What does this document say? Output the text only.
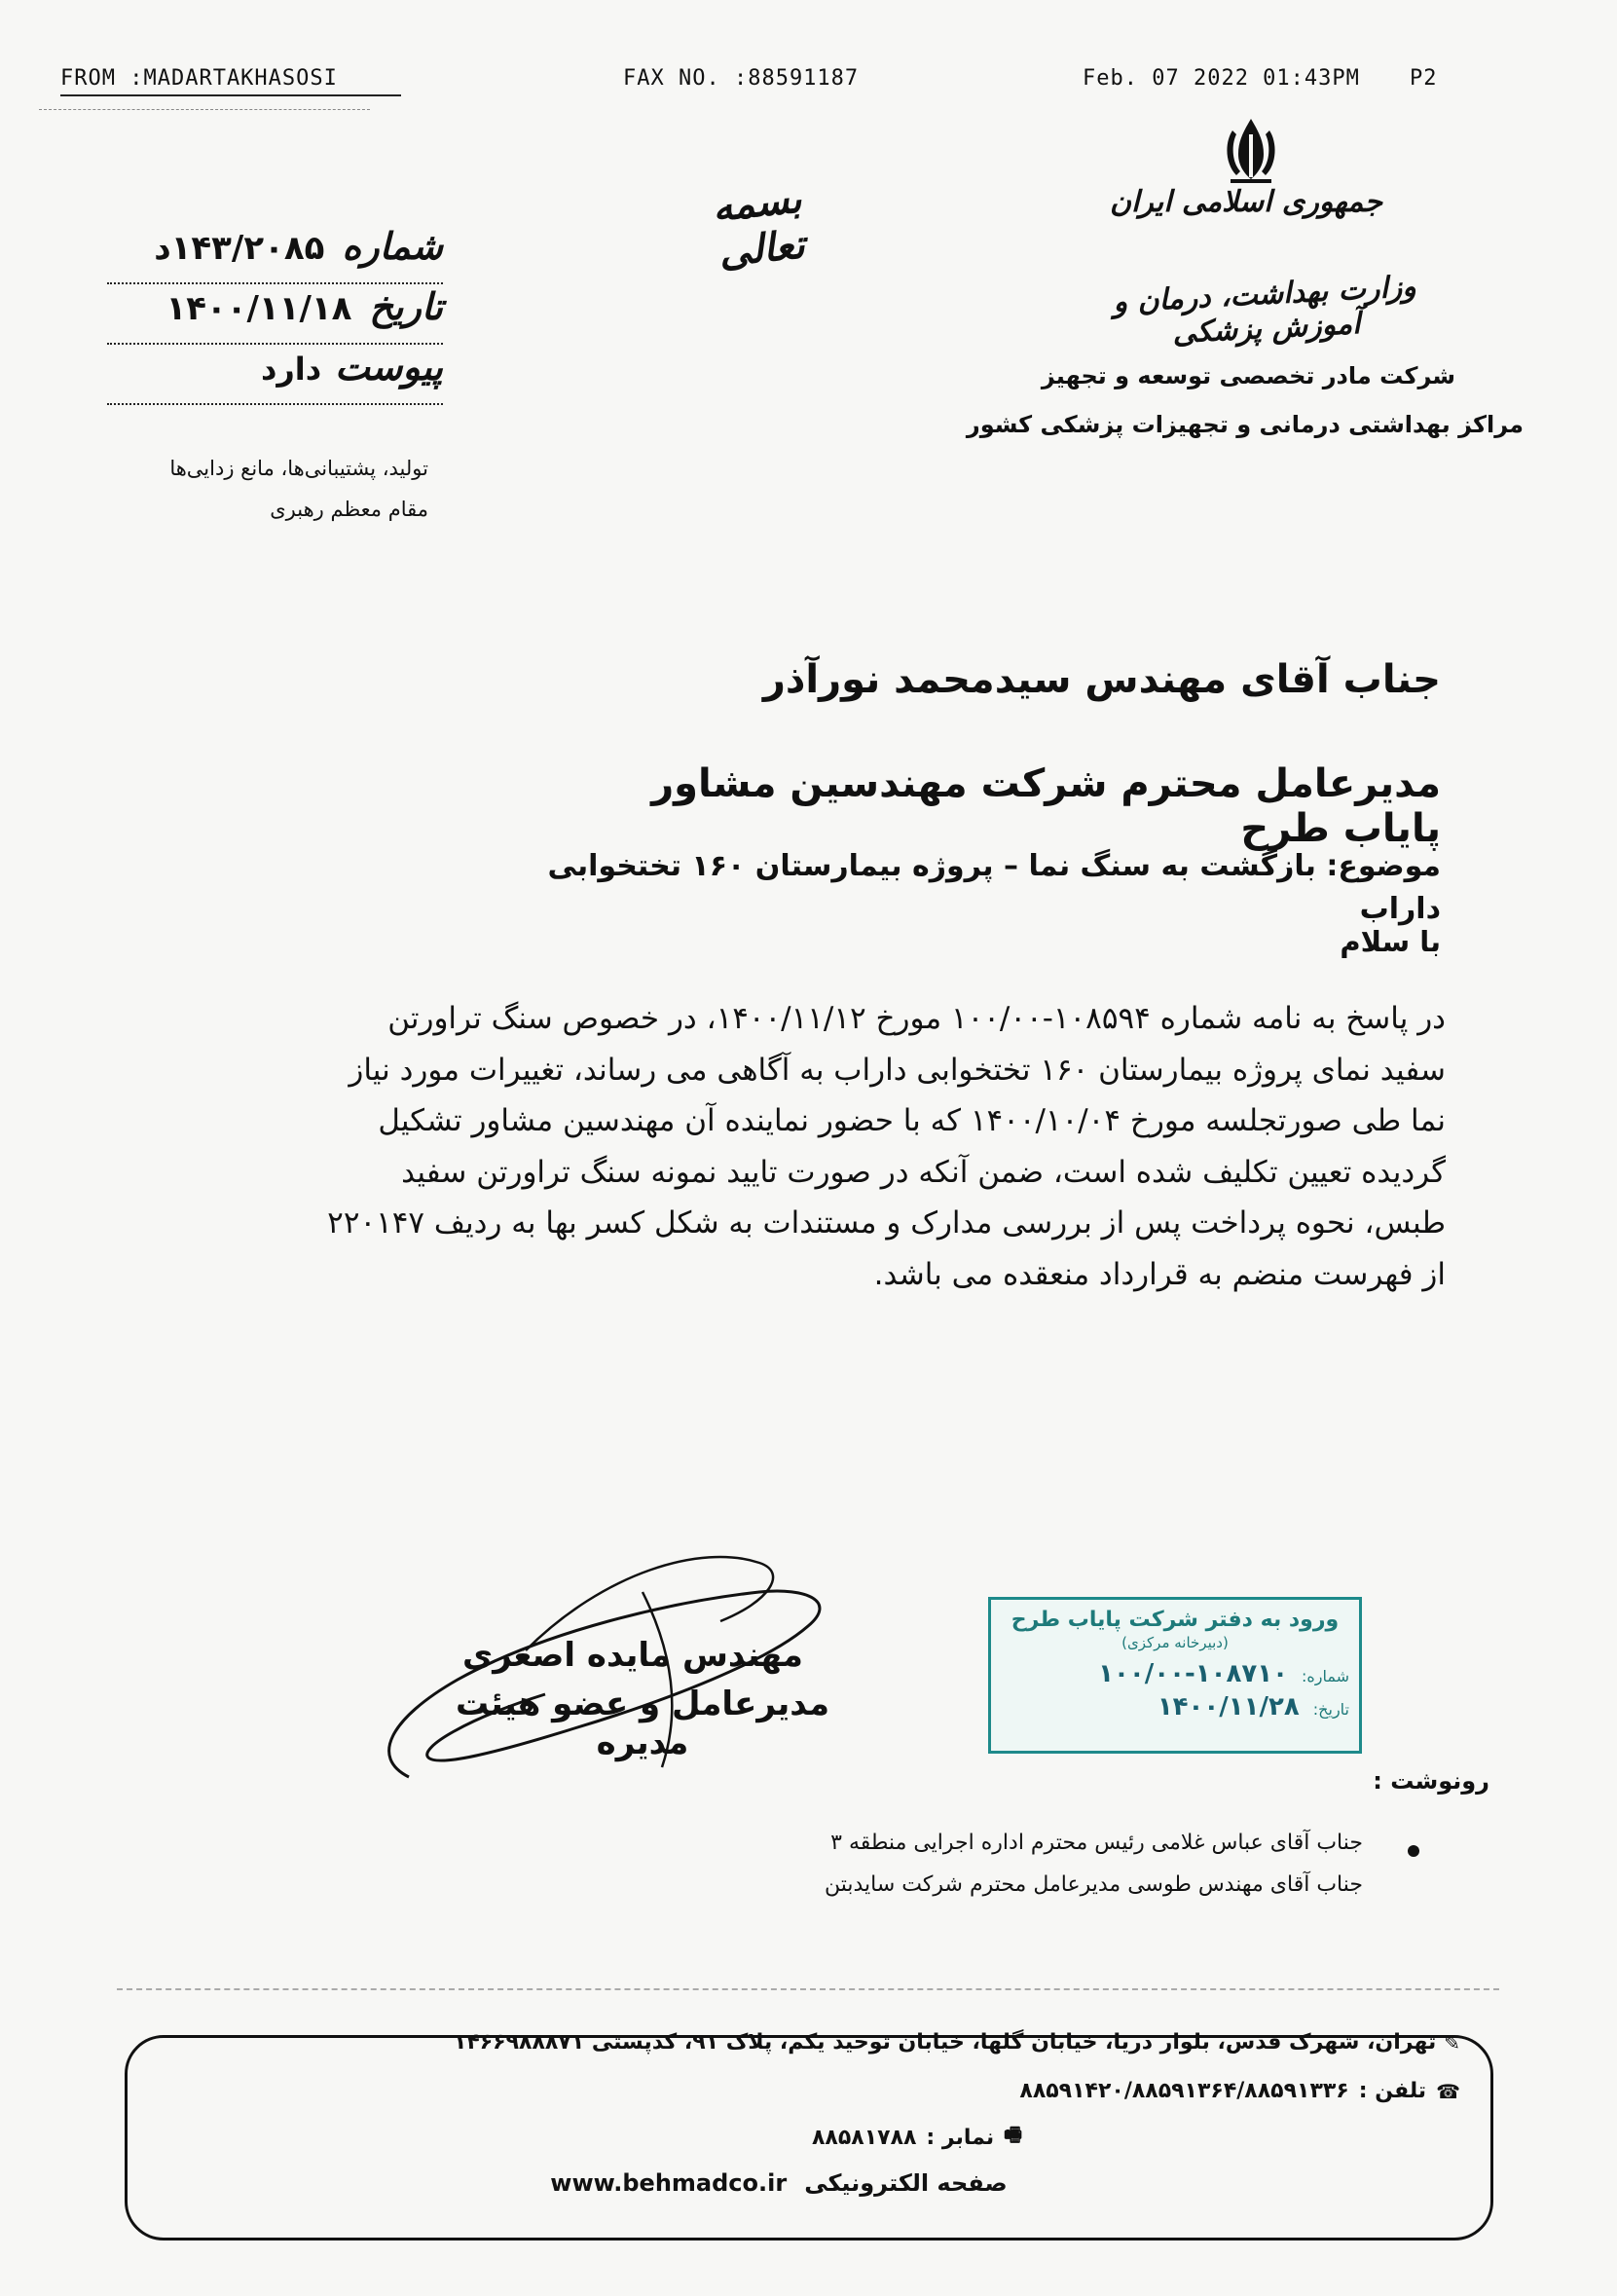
FROM :MADARTAKHASOSI	FAX NO. :88591187	Feb. 07 2022 01:43PM P2
بسمه تعالی
شماره
۱۴۳/۲۰۸۵د
تاریخ
۱۴۰۰/۱۱/۱۸
پیوست
دارد
تولید، پشتیبانی‌ها، مانع زدایی‌ها
مقام معظم رهبری
جمهوری اسلامی ایران
وزارت بهداشت، درمان و آموزش پزشکی
شرکت مادر تخصصی توسعه و تجهیز
مراکز بهداشتی درمانی و تجهیزات پزشکی کشور
جناب آقای مهندس سیدمحمد نورآذر
مدیرعامل محترم شرکت مهندسین مشاور پایاب طرح
موضوع: بازگشت به سنگ نما – پروژه بیمارستان ۱۶۰ تختخوابی داراب
با سلام
در پاسخ به نامه شماره ۱۰۸۵۹۴-۱۰۰/۰۰ مورخ ۱۴۰۰/۱۱/۱۲، در خصوص سنگ تراورتن
سفید نمای پروژه بیمارستان ۱۶۰ تختخوابی داراب به آگاهی می رساند، تغییرات مورد نیاز
نما طی صورتجلسه مورخ ۱۴۰۰/۱۰/۰۴ که با حضور نماینده آن مهندسین مشاور تشکیل
گردیده تعیین تکلیف شده است، ضمن آنکه در صورت تایید نمونه سنگ تراورتن سفید
طبس، نحوه پرداخت پس از بررسی مدارک و مستندات به شکل کسر بها به ردیف ۲۲۰۱۴۷
از فهرست منضم به قرارداد منعقده می باشد.
مهندس مایده اصغری
مدیرعامل و عضو هیئت مدیره
ورود به دفتر شرکت پایاب طرح
(دبیرخانه مرکزی)
شماره:
۱۰۰/۰۰-۱۰۸۷۱۰
تاریخ:
۱۴۰۰/۱۱/۲۸
رونوشت :
جناب آقای عباس غلامی رئیس محترم اداره اجرایی منطقه ۳
جناب آقای مهندس طوسی مدیرعامل محترم شرکت سایدبتن
✎
تهران، شهرک قدس، بلوار دریا، خیابان گلها، خیابان توحید یکم، پلاک ۹۱، کدپستی ۱۴۶۶۹۸۸۸۷۱
☎
تلفن :
۸۸۵۹۱۴۲۰/۸۸۵۹۱۳۶۴/۸۸۵۹۱۳۳۶
🖷
نمابر :
۸۸۵۸۱۷۸۸
صفحه الکترونیکی
www.behmadco.ir
